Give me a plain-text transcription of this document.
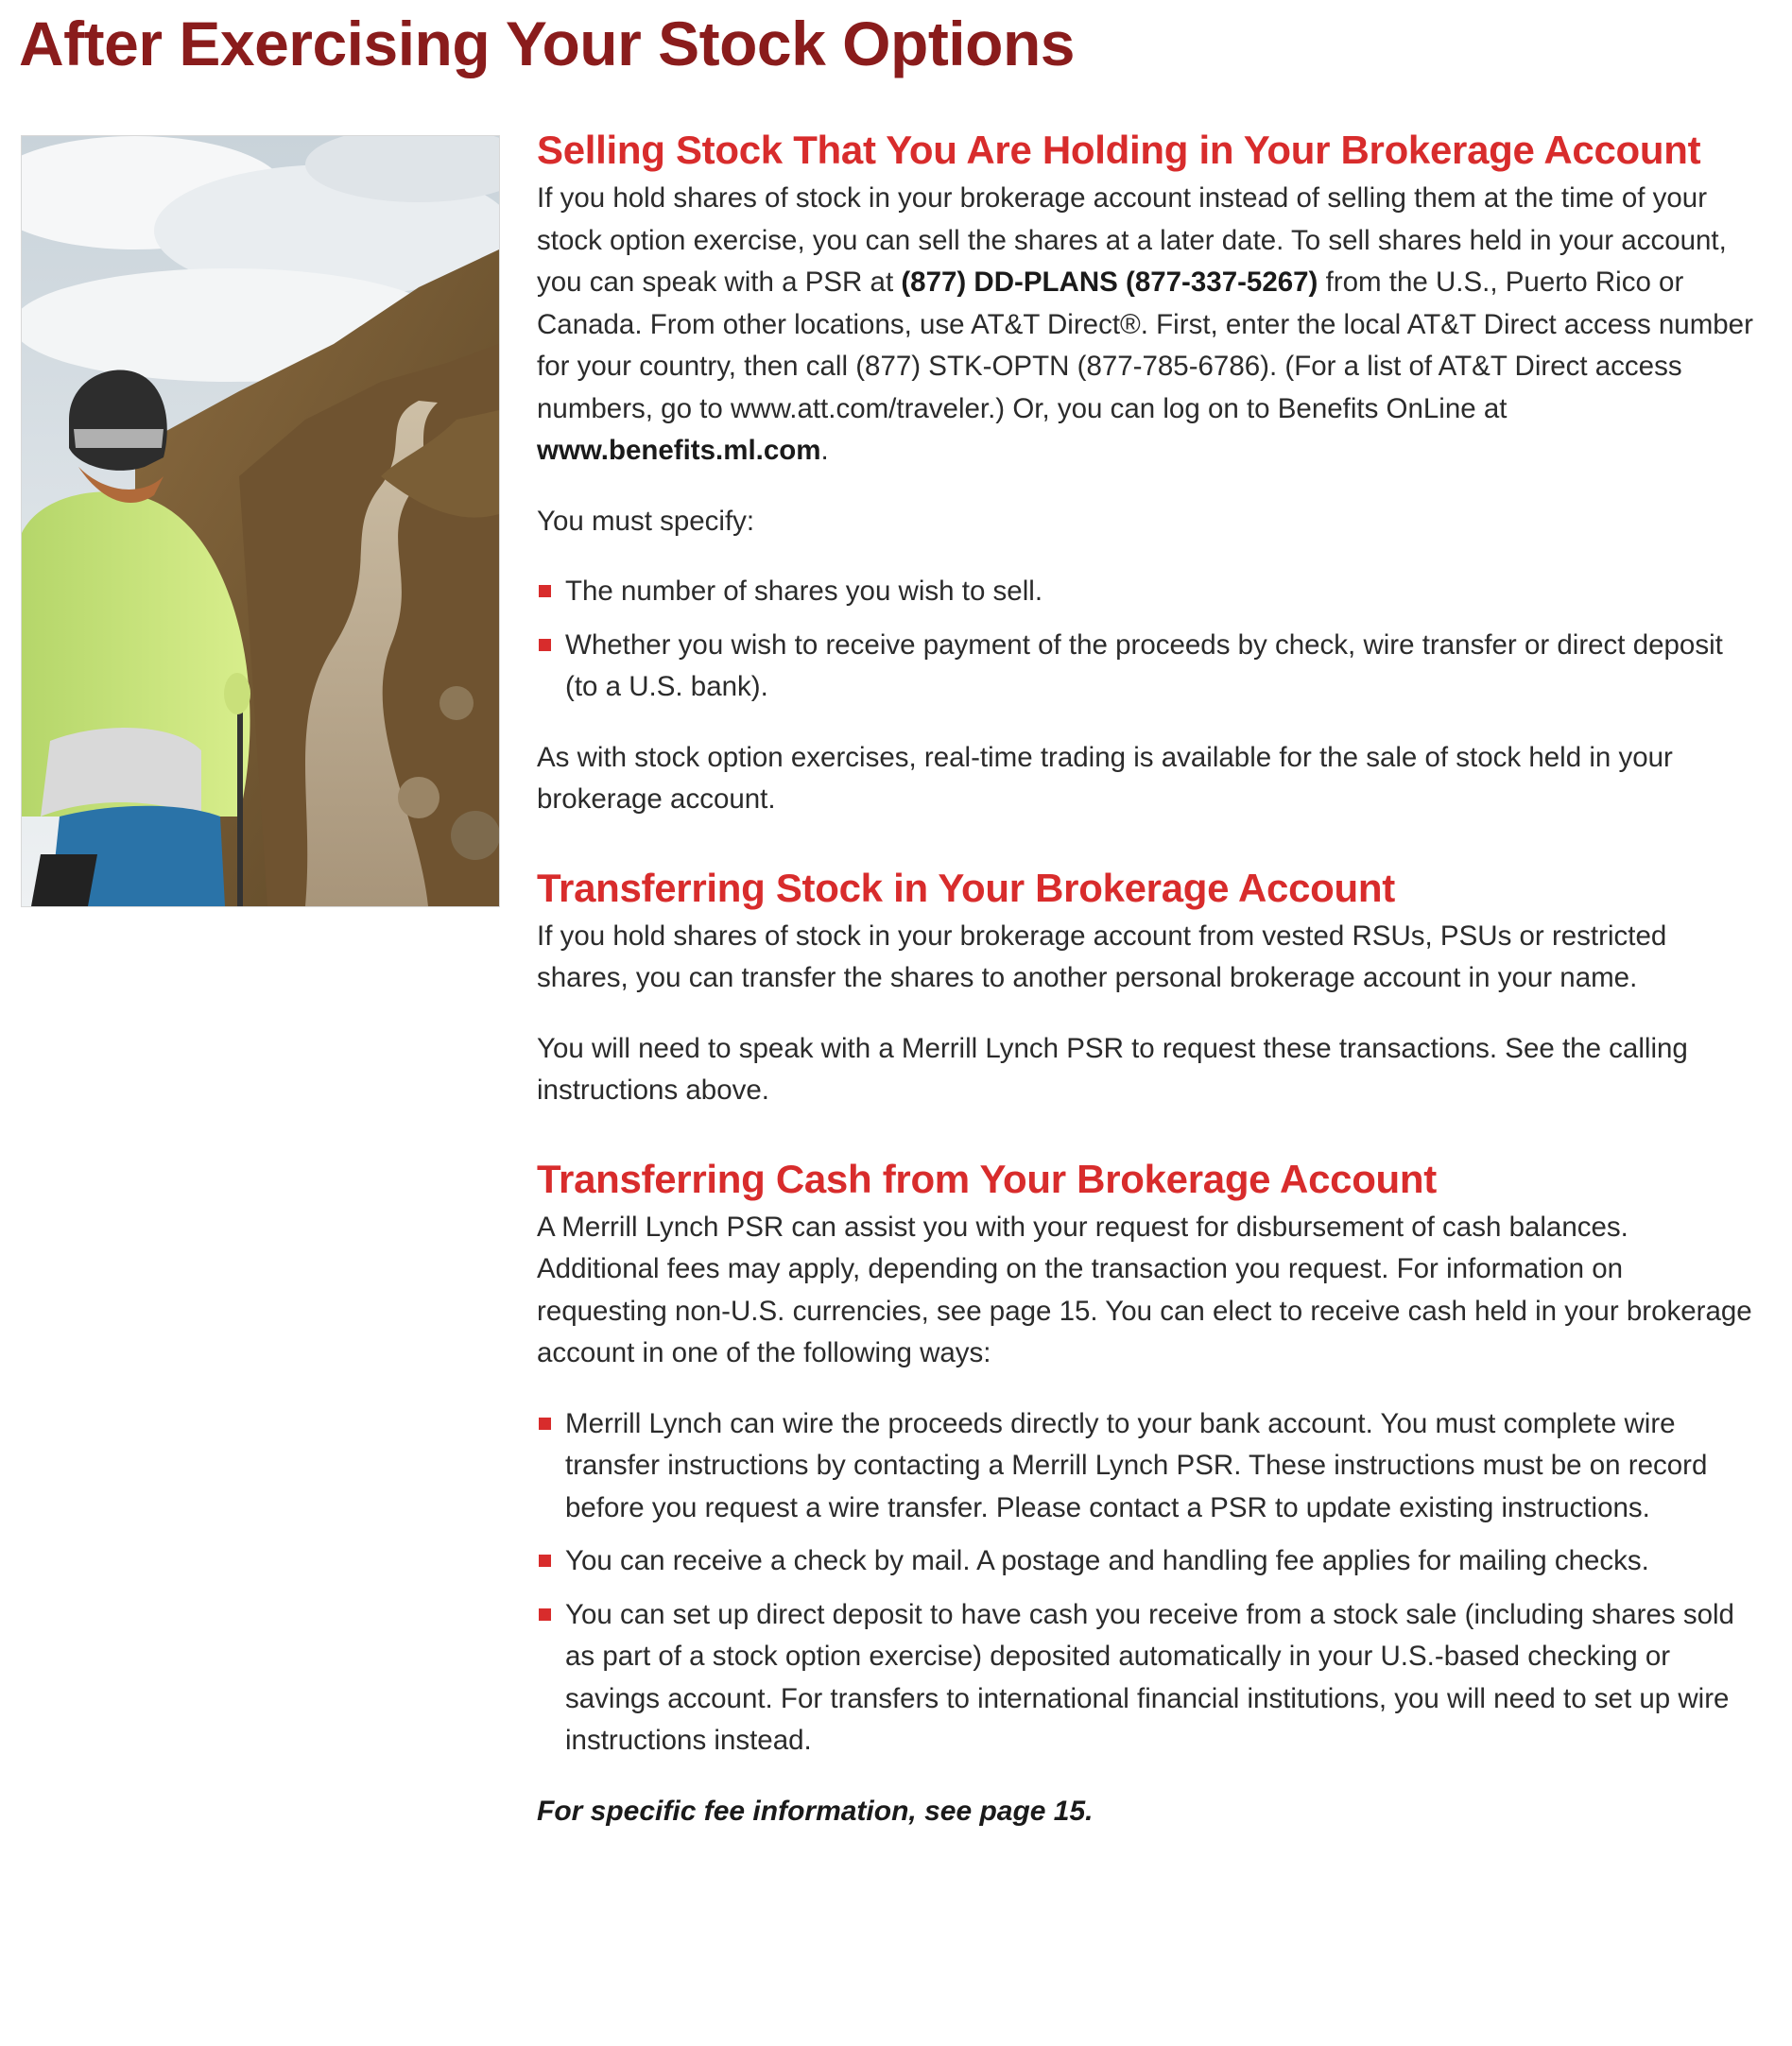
After Exercising Your Stock Options
Selling Stock That You Are Holding in Your Brokerage Account

If you hold shares of stock in your brokerage account instead of selling them at the time of your stock option exercise, you can sell the shares at a later date. To sell shares held in your account, you can speak with a PSR at (877) DD-PLANS (877-337-5267) from the U.S., Puerto Rico or Canada. From other locations, use AT&T Direct®. First, enter the local AT&T Direct access number for your country, then call (877) STK-OPTN (877-785-6786). (For a list of AT&T Direct access numbers, go to www.att.com/traveler.) Or, you can log on to Benefits OnLine at www.benefits.ml.com.

You must specify:

The number of shares you wish to sell.
Whether you wish to receive payment of the proceeds by check, wire transfer or direct deposit (to a U.S. bank).

As with stock option exercises, real-time trading is available for the sale of stock held in your brokerage account.

Transferring Stock in Your Brokerage Account

If you hold shares of stock in your brokerage account from vested RSUs, PSUs or restricted shares, you can transfer the shares to another personal brokerage account in your name.

You will need to speak with a Merrill Lynch PSR to request these transactions. See the calling instructions above.

Transferring Cash from Your Brokerage Account

A Merrill Lynch PSR can assist you with your request for disbursement of cash balances. Additional fees may apply, depending on the transaction you request. For information on requesting non-U.S. currencies, see page 15. You can elect to receive cash held in your brokerage account in one of the following ways:

Merrill Lynch can wire the proceeds directly to your bank account. You must complete wire transfer instructions by contacting a Merrill Lynch PSR. These instructions must be on record before you request a wire transfer. Please contact a PSR to update existing instructions.
You can receive a check by mail. A postage and handling fee applies for mailing checks.
You can set up direct deposit to have cash you receive from a stock sale (including shares sold as part of a stock option exercise) deposited automatically in your U.S.-based checking or savings account. For transfers to international financial institutions, you will need to set up wire instructions instead.

For specific fee information, see page 15.
